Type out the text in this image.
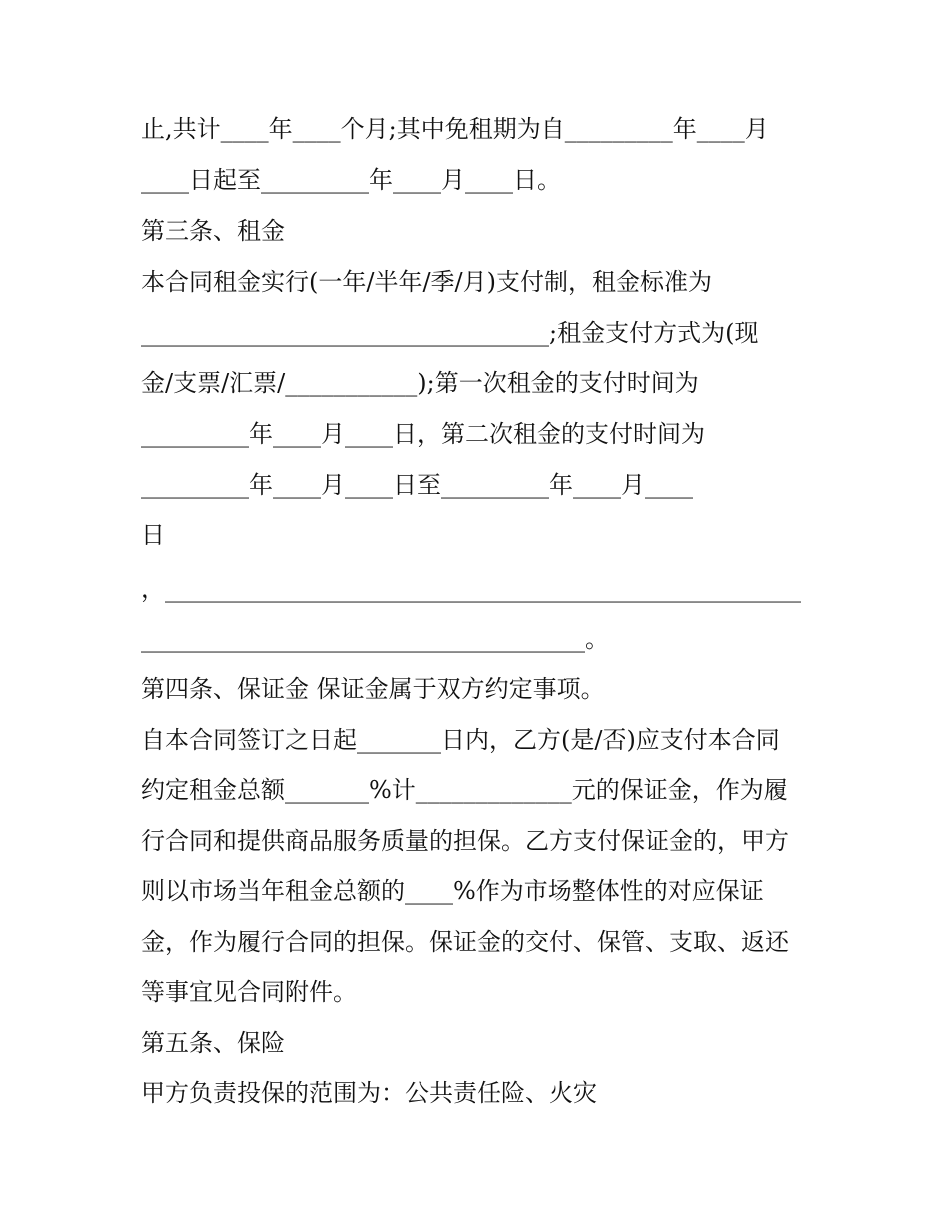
止,共计____年____个月;其中免租期为自_________年____月
____日起至_________年____月____日。
第三条、租金
本合同租金实行(一年/半年/季/月)支付制，租金标准为
__________________________________;租金支付方式为(现
金/支票/汇票/___________);第一次租金的支付时间为
_________年____月____日，第二次租金的支付时间为
_________年____月____日至_________年____月____
日
，_____________________________________________________
_____________________________________。
第四条、保证金 保证金属于双方约定事项。
自本合同签订之日起_______日内，乙方(是/否)应支付本合同
约定租金总额_______%计_____________元的保证金，作为履
行合同和提供商品服务质量的担保。乙方支付保证金的，甲方
则以市场当年租金总额的____%作为市场整体性的对应保证
金，作为履行合同的担保。保证金的交付、保管、支取、返还
等事宜见合同附件。
第五条、保险
甲方负责投保的范围为：公共责任险、火灾
